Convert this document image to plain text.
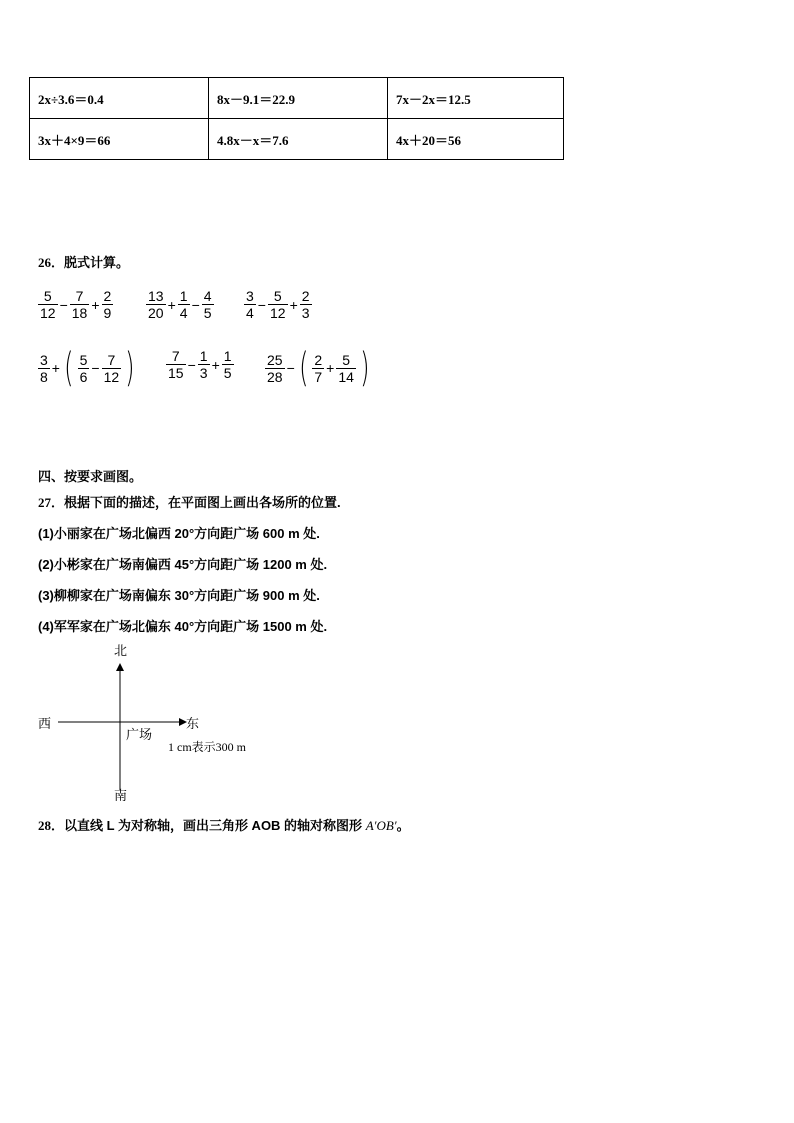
2x÷3.6＝0.4	8x－9.1＝22.9	7x－2x＝12.5
3x＋4×9＝66	4.8x－x＝7.6	4x＋20＝56
26．脱式计算。
$\frac{5}{12} - \frac{7}{18} + \frac{2}{9} \frac{13}{20} + \frac{1}{4} - \frac{4}{5} \frac{3}{4} - \frac{5}{12} + \frac{2}{3}$
$\frac{3}{8}$ + ( $\frac{5}{6} - \frac{7}{12}$ ) $\frac{7}{15} - \frac{1}{3} + \frac{1}{5} \frac{25}{28}$ − ( $\frac{2}{7} + \frac{5}{14}$ )
四、按要求画图。
27．根据下面的描述，在平面图上画出各场所的位置.
(1)小丽家在广场北偏西 20°方向距广场 600 m 处.
(2)小彬家在广场南偏西 45°方向距广场 1200 m 处.
(3)柳柳家在广场南偏东 30°方向距广场 900 m 处.
(4)军军家在广场北偏东 40°方向距广场 1500 m 处.
北
南
西	东
广场
1 cm表示300 m
28．以直线 L 为对称轴，画出三角形 AOB 的轴对称图形 A′OB′。
